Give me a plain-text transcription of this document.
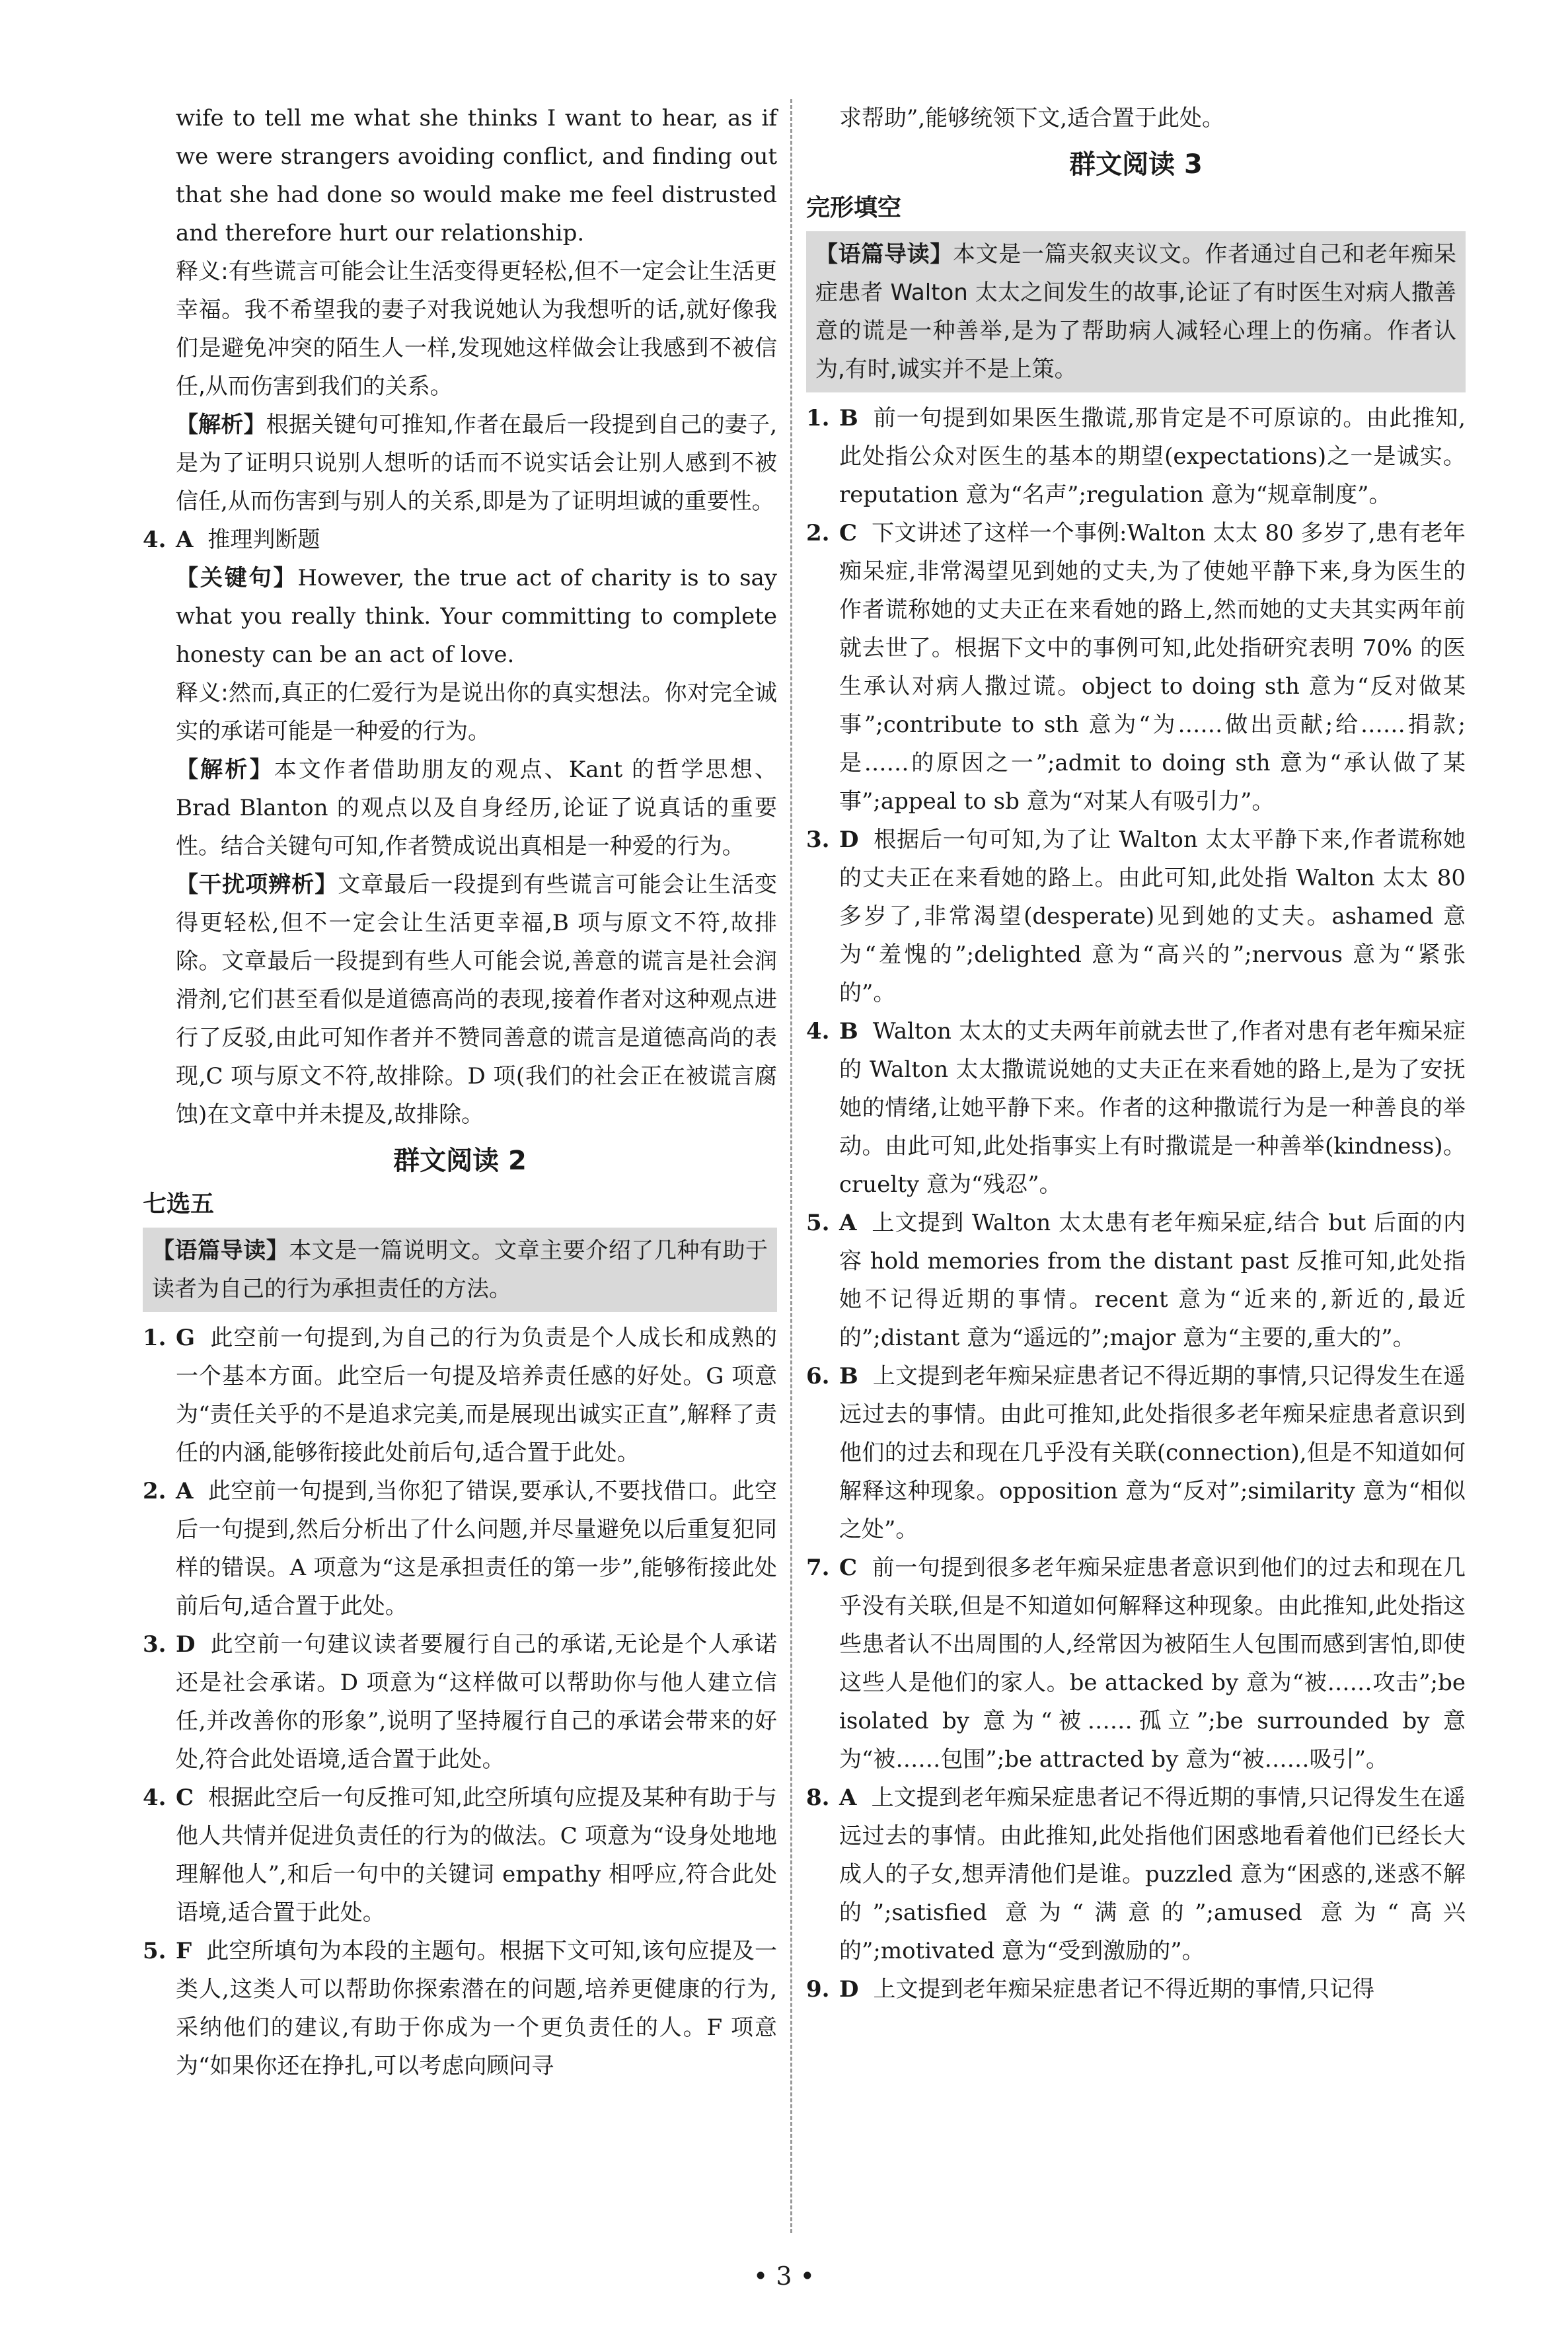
wife to tell me what she thinks I want to hear, as if we were strangers avoiding conflict, and finding out that she had done so would make me feel distrusted and therefore hurt our relationship.

释义:有些谎言可能会让生活变得更轻松,但不一定会让生活更幸福。我不希望我的妻子对我说她认为我想听的话,就好像我们是避免冲突的陌生人一样,发现她这样做会让我感到不被信任,从而伤害到我们的关系。

【解析】根据关键句可推知,作者在最后一段提到自己的妻子,是为了证明只说别人想听的话而不说实话会让别人感到不被信任,从而伤害到与别人的关系,即是为了证明坦诚的重要性。

4. A 推理判断题

【关键句】However, the true act of charity is to say what you really think. Your committing to complete honesty can be an act of love.

释义:然而,真正的仁爱行为是说出你的真实想法。你对完全诚实的承诺可能是一种爱的行为。

【解析】本文作者借助朋友的观点、Kant 的哲学思想、Brad Blanton 的观点以及自身经历,论证了说真话的重要性。结合关键句可知,作者赞成说出真相是一种爱的行为。

【干扰项辨析】文章最后一段提到有些谎言可能会让生活变得更轻松,但不一定会让生活更幸福,B 项与原文不符,故排除。文章最后一段提到有些人可能会说,善意的谎言是社会润滑剂,它们甚至看似是道德高尚的表现,接着作者对这种观点进行了反驳,由此可知作者并不赞同善意的谎言是道德高尚的表现,C 项与原文不符,故排除。D 项(我们的社会正在被谎言腐蚀)在文章中并未提及,故排除。

群文阅读 2
七选五
【语篇导读】本文是一篇说明文。文章主要介绍了几种有助于读者为自己的行为承担责任的方法。
1. G 此空前一句提到,为自己的行为负责是个人成长和成熟的一个基本方面。此空后一句提及培养责任感的好处。G 项意为“责任关乎的不是追求完美,而是展现出诚实正直”,解释了责任的内涵,能够衔接此处前后句,适合置于此处。
2. A 此空前一句提到,当你犯了错误,要承认,不要找借口。此空后一句提到,然后分析出了什么问题,并尽量避免以后重复犯同样的错误。A 项意为“这是承担责任的第一步”,能够衔接此处前后句,适合置于此处。
3. D 此空前一句建议读者要履行自己的承诺,无论是个人承诺还是社会承诺。D 项意为“这样做可以帮助你与他人建立信任,并改善你的形象”,说明了坚持履行自己的承诺会带来的好处,符合此处语境,适合置于此处。
4. C 根据此空后一句反推可知,此空所填句应提及某种有助于与他人共情并促进负责任的行为的做法。C 项意为“设身处地地理解他人”,和后一句中的关键词 empathy 相呼应,符合此处语境,适合置于此处。
5. F 此空所填句为本段的主题句。根据下文可知,该句应提及一类人,这类人可以帮助你探索潜在的问题,培养更健康的行为,采纳他们的建议,有助于你成为一个更负责任的人。F 项意为“如果你还在挣扎,可以考虑向顾问寻

求帮助”,能够统领下文,适合置于此处。

群文阅读 3
完形填空
【语篇导读】本文是一篇夹叙夹议文。作者通过自己和老年痴呆症患者 Walton 太太之间发生的故事,论证了有时医生对病人撒善意的谎是一种善举,是为了帮助病人减轻心理上的伤痛。作者认为,有时,诚实并不是上策。
1. B 前一句提到如果医生撒谎,那肯定是不可原谅的。由此推知,此处指公众对医生的基本的期望(expectations)之一是诚实。reputation 意为“名声”;regulation 意为“规章制度”。
2. C 下文讲述了这样一个事例:Walton 太太 80 多岁了,患有老年痴呆症,非常渴望见到她的丈夫,为了使她平静下来,身为医生的作者谎称她的丈夫正在来看她的路上,然而她的丈夫其实两年前就去世了。根据下文中的事例可知,此处指研究表明 70% 的医生承认对病人撒过谎。object to doing sth 意为“反对做某事”;contribute to sth 意为“为……做出贡献;给……捐款;是……的原因之一”;admit to doing sth 意为“承认做了某事”;appeal to sb 意为“对某人有吸引力”。
3. D 根据后一句可知,为了让 Walton 太太平静下来,作者谎称她的丈夫正在来看她的路上。由此可知,此处指 Walton 太太 80 多岁了,非常渴望(desperate)见到她的丈夫。ashamed 意为“羞愧的”;delighted 意为“高兴的”;nervous 意为“紧张的”。
4. B Walton 太太的丈夫两年前就去世了,作者对患有老年痴呆症的 Walton 太太撒谎说她的丈夫正在来看她的路上,是为了安抚她的情绪,让她平静下来。作者的这种撒谎行为是一种善良的举动。由此可知,此处指事实上有时撒谎是一种善举(kindness)。cruelty 意为“残忍”。
5. A 上文提到 Walton 太太患有老年痴呆症,结合 but 后面的内容 hold memories from the distant past 反推可知,此处指她不记得近期的事情。recent 意为“近来的,新近的,最近的”;distant 意为“遥远的”;major 意为“主要的,重大的”。
6. B 上文提到老年痴呆症患者记不得近期的事情,只记得发生在遥远过去的事情。由此可推知,此处指很多老年痴呆症患者意识到他们的过去和现在几乎没有关联(connection),但是不知道如何解释这种现象。opposition 意为“反对”;similarity 意为“相似之处”。
7. C 前一句提到很多老年痴呆症患者意识到他们的过去和现在几乎没有关联,但是不知道如何解释这种现象。由此推知,此处指这些患者认不出周围的人,经常因为被陌生人包围而感到害怕,即使这些人是他们的家人。be attacked by 意为“被……攻击”;be isolated by 意为“被……孤立”;be surrounded by 意为“被……包围”;be attracted by 意为“被……吸引”。
8. A 上文提到老年痴呆症患者记不得近期的事情,只记得发生在遥远过去的事情。由此推知,此处指他们困惑地看着他们已经长大成人的子女,想弄清他们是谁。puzzled 意为“困惑的,迷惑不解的”;satisfied 意为“满意的”;amused 意为“高兴的”;motivated 意为“受到激励的”。
9. D 上文提到老年痴呆症患者记不得近期的事情,只记得
• 3 •
